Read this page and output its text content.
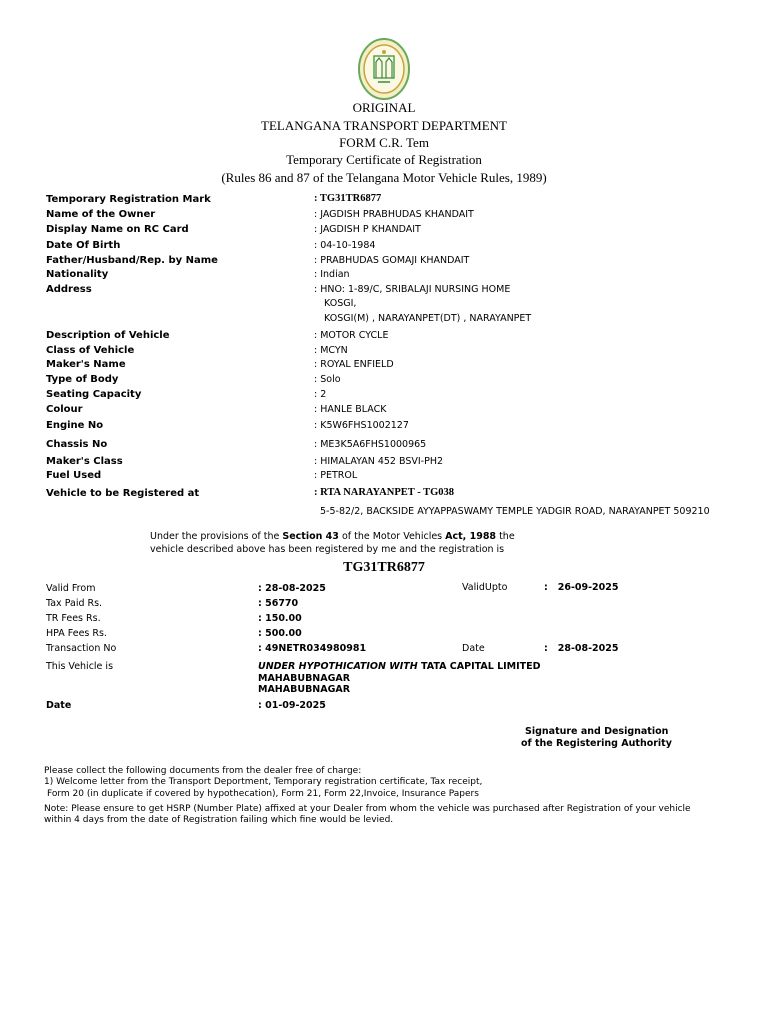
ORIGINAL
TELANGANA TRANSPORT DEPARTMENT
FORM C.R. Tem
Temporary Certificate of Registration
(Rules 86 and 87 of the Telangana Motor Vehicle Rules, 1989)
Temporary Registration Mark	: TG31TR6877
Name of the Owner	: JAGDISH PRABHUDAS KHANDAIT
Display Name on RC Card	: JAGDISH P KHANDAIT
Date Of Birth	: 04-10-1984
Father/Husband/Rep. by Name	: PRABHUDAS GOMAJI KHANDAIT
Nationality	: Indian
Address	: HNO: 1-89/C, SRIBALAJI NURSING HOME
KOSGI,
KOSGI(M) , NARAYANPET(DT) , NARAYANPET
Description of Vehicle	: MOTOR CYCLE
Class of Vehicle	: MCYN
Maker's Name	: ROYAL ENFIELD
Type of Body	: Solo
Seating Capacity	: 2
Colour	: HANLE BLACK
Engine No	: K5W6FHS1002127
Chassis No	: ME3K5A6FHS1000965
Maker's Class	: HIMALAYAN 452 BSVI-PH2
Fuel Used	: PETROL
Vehicle to be Registered at	: RTA NARAYANPET - TG038
5-5-82/2, BACKSIDE AYYAPPASWAMY TEMPLE YADGIR ROAD, NARAYANPET 509210
Under the provisions of the Section 43 of the Motor Vehicles Act, 1988 the
vehicle described above has been registered by me and the registration is
TG31TR6877
Valid From	: 28-08-2025	ValidUpto	:   26-09-2025
Tax Paid Rs.	: 56770
TR Fees Rs.	: 150.00
HPA Fees Rs.	: 500.00
Transaction No	: 49NETR034980981	Date	:   28-08-2025
This Vehicle is	UNDER HYPOTHICATION WITH TATA CAPITAL LIMITED
MAHABUBNAGAR
MAHABUBNAGAR
Date	: 01-09-2025
Signature and Designation
of the Registering Authority
Please collect the following documents from the dealer free of charge:
1) Welcome letter from the Transport Deportment, Temporary registration certificate, Tax receipt,
Form 20 (in duplicate if covered by hypothecation), Form 21, Form 22,Invoice, Insurance Papers
Note: Please ensure to get HSRP (Number Plate) affixed at your Dealer from whom the vehicle was purchased after Registration of your vehicle
within 4 days from the date of Registration failing which fine would be levied.
